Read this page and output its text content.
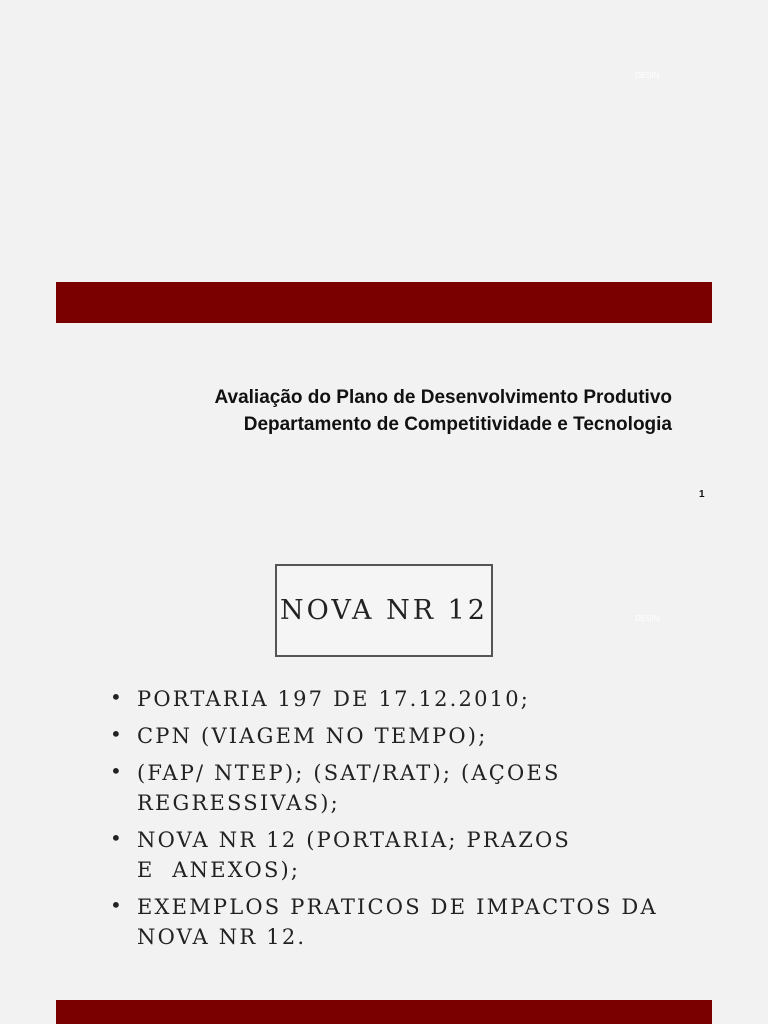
DESIN
Avaliação do Plano de Desenvolvimento Produtivo
Departamento de Competitividade e Tecnologia
1
NOVA NR 12	DESIN
• PORTARIA 197 DE 17.12.2010;
• CPN (VIAGEM NO TEMPO);
• (FAP/ NTEP); (SAT/RAT); (AÇOES
REGRESSIVAS);
• NOVA NR 12 (PORTARIA; PRAZOS
E  ANEXOS);
• EXEMPLOS PRATICOS DE IMPACTOS DA
NOVA NR 12.
